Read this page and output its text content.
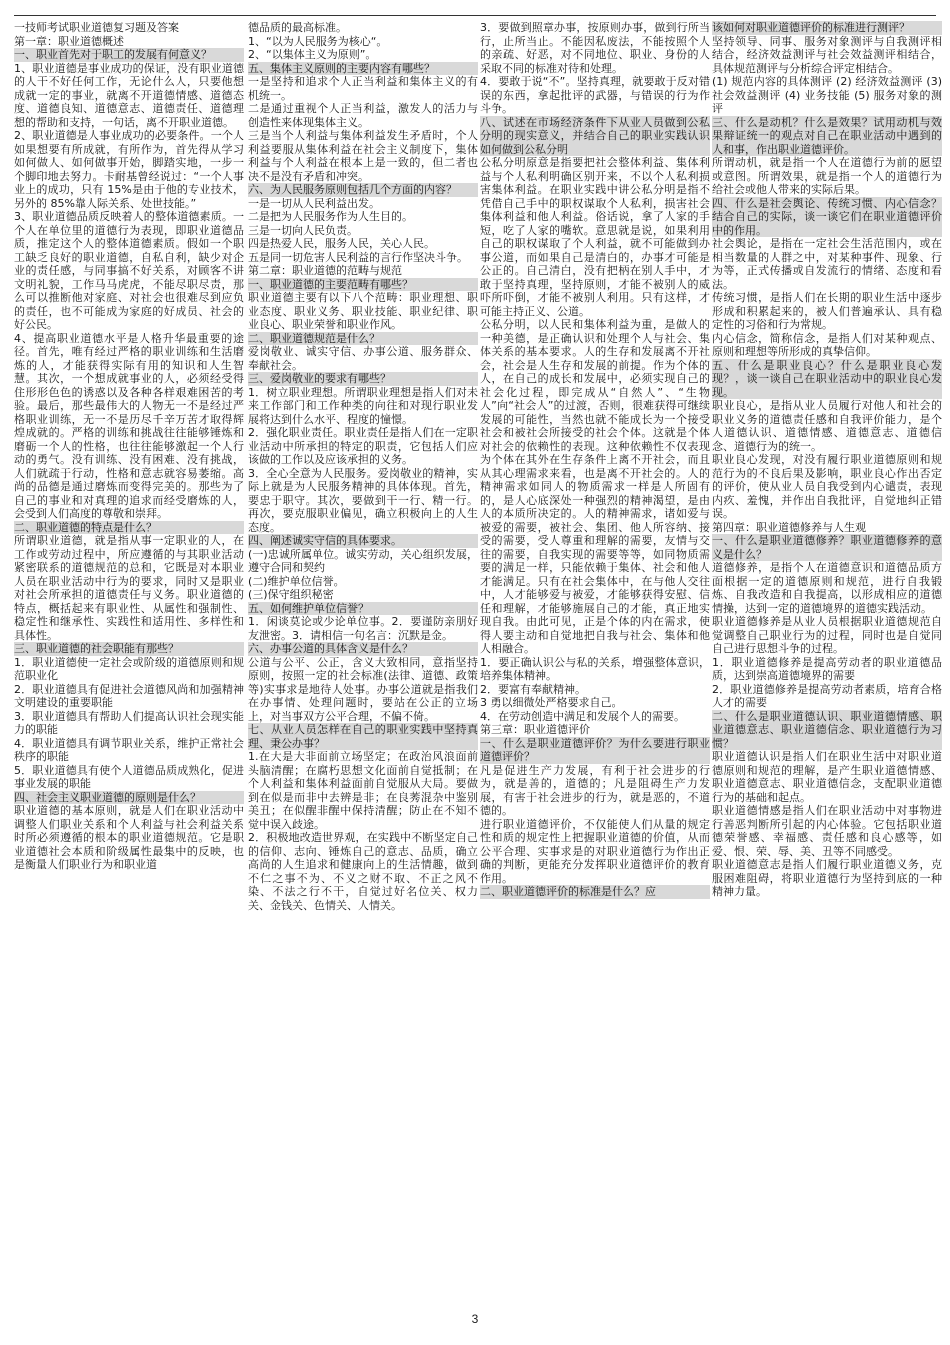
一技师考试职业道德复习题及答案

第一章：职业道德概述

一、职业首先对于职工的发展有何意义？

1、职业道德是事业成功的保证，没有职业道德的人干不好任何工作，无论什么人，只要他想成就一定的事业，就离不开道德情感、道德态度、道德良知、道德意志、道德责任、道德理想的帮助和支持，一句话，离不开职业道德。

2、职业道德是人事业成功的必要条件。一个人如果想要有所成就，有所作为，首先得从学习如何做人、如何做事开始，脚踏实地，一步一个脚印地去努力。卡耐基曾经说过：“一个人事业上的成功，只有 15%是由于他的专业技术，另外的 85%靠人际关系、处世技能。”

3、职业道德品质反映着人的整体道德素质。一个人在单位里的道德行为表现，即职业道德品质，推定这个人的整体道德素质。假如一个职工缺乏良好的职业道德，自私自利，缺少对企业的责任感，与同事搞不好关系，对顾客不讲文明礼貌，工作马马虎虎，不能尽职尽责，那么可以推断他对家庭、对社会也很难尽到应负的责任，也不可能成为家庭的好成员、社会的好公民。

4、提高职业道德水平是人格升华最重要的途径。首先，唯有经过严格的职业训练和生活磨炼的人，才能获得实际有用的知识和人生智慧。其次，一个想成就事业的人，必须经受得住形形色色的诱惑以及各种各样艰难困苦的考验。最后，那些最伟大的人物无一不是经过严格职业训练，无一不是历尽千辛万苦才取得辉煌成就的。严格的训练和挑战往往能够锤炼和磨砺一个人的性格，也往往能够激起一个人行动的勇气。没有训练、没有困难、没有挑战，人们就疏于行动，性格和意志就容易萎缩。高尚的品德是通过磨炼而变得完美的。那些为了自己的事业和对真理的追求而经受磨炼的人，会受到人们高度的尊敬和崇拜。

二、职业道德的特点是什么？

所谓职业道德，就是指从事一定职业的人，在工作或劳动过程中，所应遵循的与其职业活动紧密联系的道德规范的总和，它既是对本职业人员在职业活动中行为的要求，同时又是职业对社会所承担的道德责任与义务。职业道德的特点，概括起来有职业性、从属性和强制性、稳定性和继承性、实践性和适用性、多样性和具体性。

三、职业道德的社会职能有那些？

1．职业道德使一定社会或阶级的道德原则和规范职业化

2．职业道德具有促进社会道德风尚和加强精神文明建设的重要职能

3．职业道德具有帮助人们提高认识社会现实能力的职能

4．职业道德具有调节职业关系，维护正常社会秩序的职能

5．职业道德具有使个人道德品质成熟化，促进事业发展的职能

四、社会主义职业道德的原则是什么？

职业道德的基本原则，就是人们在职业活动中调整人们职业关系和个人利益与社会利益关系时所必须遵循的根本的职业道德规范。它是职业道德社会本质和阶级属性最集中的反映，也是衡量人们职业行为和职业道

德品质的最高标准。

1、“以为人民服务为核心“。

2、“以集体主义为原则”。

五、集体主义原则的主要内容有哪些？

一是坚持和追求个人正当利益和集体主义的有机统一。

二是通过重视个人正当利益，激发人的活力与创造性来体现集体主义。

三是当个人利益与集体利益发生矛盾时，个人利益要服从集体利益在社会主义制度下，集体利益与个人利益在根本上是一致的，但二者也决不是没有矛盾和冲突。

六、为人民服务原则包括几个方面的内容？

一是一切从人民利益出发。

二是把为人民服务作为人生目的。

三是一切向人民负责。

四是热爱人民，服务人民，关心人民。

五是同一切危害人民利益的言行作坚决斗争。

第二章：职业道德的范畴与规范

一、职业道德的主要范畴有哪些？

职业道德主要有以下八个范畴：职业理想、职业态度、职业义务、职业技能、职业纪律、职业良心、职业荣誉和职业作风。

二、职业道德规范是什么？

爱岗敬业、诚实守信、办事公道、服务群众、奉献社会。

三、爱岗敬业的要求有哪些？

1．树立职业理想。所谓职业理想是指人们对未来工作部门和工作种类的向往和对现行职业发展将达到什么水平、程度的憧憬。

2．强化职业责任。职业责任是指人们在一定职业活动中所承担的特定的职责，它包括人们应该做的工作以及应该承担的义务。

3．全心全意为人民服务。爱岗敬业的精神，实际上就是为人民服务精神的具体体现。首先，要忠于职守。其次，要做到干一行、精一行。再次，要克服职业偏见，确立积极向上的人生态度。

四、阐述诚实守信的具体要求。

(一)忠诚所属单位。诚实劳动，关心组织发展，遵守合同和契约

(二)维护单位信誉。

(三)保守组织秘密

五、如何维护单位信誉？

1．闲谈莫论或少论单位事。2．要谨防亲朋好友泄密。3．请相信一句名言：沉默是金。

六、办事公道的具体含义是什么？

公道与公平、公正，含义大致相同，意指坚持原则，按照一定的社会标准(法律、道德、政策等)实事求是地待人处事。办事公道就是指我们在办事情、处理问题时，要站在公正的立场上，对当事双方公平合理，不偏不倚。

七、从业人员怎样在自己的职业实践中坚持真理、秉公办事？

1.在大是大非面前立场坚定；在政治风浪面前头脑清醒；在腐朽思想文化面前自觉抵制；在个人利益和集体利益面前自觉服从大局。要做到在似是而非中去辨是非；在良莠混杂中鉴别美丑；在似醒非醒中保持清醒；防止在不知不觉中误入歧途。

2．积极地改造世界观，在实践中不断坚定自己的信仰、志向、锤炼自己的意志、品质，确立高尚的人生追求和健康向上的生活情趣，做到不仁之事不为、不义之财不取、不正之风不染、不法之行不干，自觉过好名位关、权力关、金钱关、色情关、人情关。

3．要做到照章办事，按原则办事，做到行所当行，止所当止。不能因私废法，不能按照个人的亲疏、好恶，对不同地位、职业、身份的人采取不同的标准对待和处理。

4．要敢于说“不”。坚持真理，就要敢于反对错误的东西，拿起批评的武器，与错误的行为作斗争。

八、试述在市场经济条件下从业人员做到公私分明的现实意义，并结合自己的职业实践认识如何做到公私分明

公私分明原意是指要把社会整体利益、集体利益与个人私利明确区别开来，不以个人私利损害集体利益。在职业实践中讲公私分明是指不凭借自己手中的职权谋取个人私利，损害社会集体利益和他人利益。俗话说，拿了人家的手短，吃了人家的嘴软。意思就是说，如果利用自己的职权谋取了个人利益，就不可能做到办事公道，而如果自己是清白的，办事才可能是公正的。自己清白，没有把柄在别人手中，才敢于坚持真理，坚持原则，才能不被别人的威吓所吓倒，才能不被别人利用。只有这样，才可能主持正义、公道。

公私分明，以人民和集体利益为重，是做人的一种美德，是正确认识和处理个人与社会、集体关系的基本要求。人的生存和发展离不开社会，社会是人生存和发展的前提。作为个体的人，在自己的成长和发展中，必须实现自己的社会化过程，即完成从“自然人”、“生物人”向“社会人”的过渡，否则，很难获得可继续发展的可能性，当然也就不能成长为一个接受社会和被社会所接受的社会个体。这就是个体对社会的依赖性的表现。这种依赖性不仅表现为个体在其外在生存条件上离不开社会，而且从其心理需求来看，也是离不开社会的。人的精神需求如同人的物质需求一样是人所固有的，是人心底深处一种强烈的精神渴望，是由人的本质所决定的。人的精神需求，诸如爱与被爱的需要，被社会、集团、他人所容纳、接受的需要，受人尊重和理解的需要，友情与交往的需要，自我实现的需要等等，如同物质需要的满足一样，只能依赖于集体、社会和他人才能满足。只有在社会集体中，在与他人交往中，人才能够爱与被爱，才能够获得安慰、信任和理解，才能够施展自己的才能，真正地实现自我。由此可见，正是个体的内在需求，使得人要主动和自觉地把自我与社会、集体和他人相融合。

1．要正确认识公与私的关系，增强整体意识，培养集体精神。

2．要富有奉献精神。

3 勇以细微处严格要求自己。

4．在劳动创造中满足和发展个人的需要。

第三章：职业道德评价

一、什么是职业道德评价？为什么要进行职业道德评价？

凡是促进生产力发展，有利于社会进步的行为，就是善的，道德的；凡是阻碍生产力发展，有害于社会进步的行为，就是恶的，不道德的。

进行职业道德评价，不仅能使人们从量的规定性和质的规定性上把握职业道德的价值，从而公平合理、实事求是的对职业道德行为作出正确的判断，更能充分发挥职业道德评价的教育作用。

二、职业道德评价的标准是什么？应

该如何对职业道德评价的标准进行测评？

坚持领导、同事、服务对象测评与自我测评相结合，经济效益测评与社会效益测评相结合，具体规范测评与分析综合评定相结合。

(1) 规范内容的具体测评 (2) 经济效益测评 (3) 社会效益测评 (4) 业务技能 (5) 服务对象的测评

三、什么是动机？什么是效果？试用动机与效果辩证统一的观点对自己在职业活动中遇到的人和事，作出职业道德评价。

所谓动机，就是指一个人在道德行为前的愿望或意图。所谓效果，就是指一个人的道德行为给社会或他人带来的实际后果。

四、什么是社会舆论、传统习惯、内心信念？结合自己的实际，谈一谈它们在职业道德评价中的作用。

社会舆论，是指在一定社会生活范围内，或在相当数量的人群之中，对某种事件、现象、行为等，正式传播或自发流行的情绪、态度和看法。

传统习惯，是指人们在长期的职业生活中逐步形成和积累起来的，被人们普遍承认、具有稳定性的习俗和行为常规。

内心信念，简称信念，是指人们对某种观点、原则和理想等所形成的真挚信仰。

五、什么是职业良心？什么是职业良心发现？，谈一谈自己在职业活动中的职业良心发现。

职业良心，是指从业人员履行对他人和社会的职业义务的道德责任感和自我评价能力，是个人道德认识、道德情感、道德意志、道德信念、道德行为的统一。

职业良心发现，对没有履行职业道德原则和规范行为的不良后果及影响，职业良心作出否定的评价，使从业人员自我受到内心谴责，表现内疚、羞愧，并作出自我批评，自觉地纠正错误。

第四章：职业道德修养与人生观

一、什么是职业道德修养？职业道德修养的意义是什么？

道德修养，是指个人在道德意识和道德品质方面根据一定的道德原则和规范，进行自我锻炼、自我改造和自我提高，以形成相应的道德情操，达到一定的道德境界的道德实践活动。

职业道德修养是从业人员根据职业道德规范自觉调整自己职业行为的过程，同时也是自觉同自己进行思想斗争的过程。

1．职业道德修养是提高劳动者的职业道德品质，达到崇高道德境界的需要

2．职业道德修养是提高劳动者素质，培育合格人才的需要

二、什么是职业道德认识、职业道德情感、职业道德意志、职业道德信念、职业道德行为习惯？

职业道德认识是指人们在职业生活中对职业道德原则和规范的理解，是产生职业道德情感、职业道德意志、职业道德信念，支配职业道德行为的基础和起点。

职业道德情感是指人们在职业活动中对事物进行善恶判断所引起的内心体验。它包括职业道德荣誉感、幸福感、责任感和良心感等，如爱、恨、荣、辱、美、丑等不同感受。

职业道德意志是指人们履行职业道德义务，克服困难阻碍，将职业道德行为坚持到底的一种精神力量。

3
